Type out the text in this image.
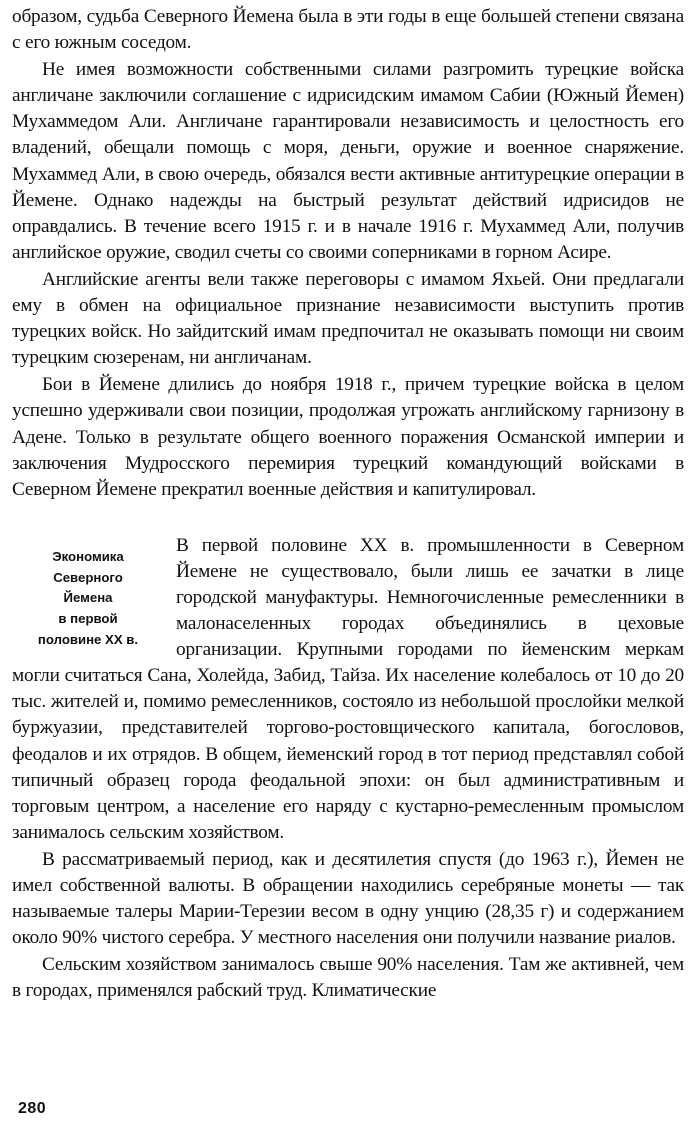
образом, судьба Северного Йемена была в эти годы в еще большей степени связана с его южным соседом.

Не имея возможности собственными силами разгромить турецкие войска англичане заключили соглашение с идрисидским имамом Сабии (Южный Йемен) Мухаммедом Али. Англичане гарантировали независимость и целостность его владений, обещали помощь с моря, деньги, оружие и военное снаряжение. Мухаммед Али, в свою очередь, обязался вести активные антитурецкие операции в Йемене. Однако надежды на быстрый результат действий идрисидов не оправдались. В течение всего 1915 г. и в начале 1916 г. Мухаммед Али, получив английское оружие, сводил счеты со своими соперниками в горном Асире.

Английские агенты вели также переговоры с имамом Яхьей. Они предлагали ему в обмен на официальное признание независимости выступить против турецких войск. Но зайдитский имам предпочитал не оказывать помощи ни своим турецким сюзеренам, ни англичанам.

Бои в Йемене длились до ноября 1918 г., причем турецкие войска в целом успешно удерживали свои позиции, продолжая угрожать английскому гарнизону в Адене. Только в результате общего военного поражения Османской империи и заключения Мудросского перемирия турецкий командующий войсками в Северном Йемене прекратил военные действия и капитулировал.

Экономика
Северного
Йемена
в первой
половине XX в.

В первой половине XX в. промышленности в Северном Йемене не существовало, были лишь ее зачатки в лице городской мануфактуры. Немногочисленные ремесленники в малонаселенных городах объединялись в цеховые организации. Крупными городами по йеменским меркам могли считаться Сана, Холейда, Забид, Тайза. Их население колебалось от 10 до 20 тыс. жителей и, помимо ремесленников, состояло из небольшой прослойки мелкой буржуазии, представителей торгово-ростовщического капитала, богословов, феодалов и их отрядов. В общем, йеменский город в тот период представлял собой типичный образец города феодальной эпохи: он был административным и торговым центром, а население его наряду с кустарно-ремесленным промыслом занималось сельским хозяйством.

В рассматриваемый период, как и десятилетия спустя (до 1963 г.), Йемен не имел собственной валюты. В обращении находились серебряные монеты — так называемые талеры Марии-Терезии весом в одну унцию (28,35 г) и содержанием около 90% чистого серебра. У местного населения они получили название риалов.

Сельским хозяйством занималось свыше 90% населения. Там же активней, чем в городах, применялся рабский труд. Климатические

280
